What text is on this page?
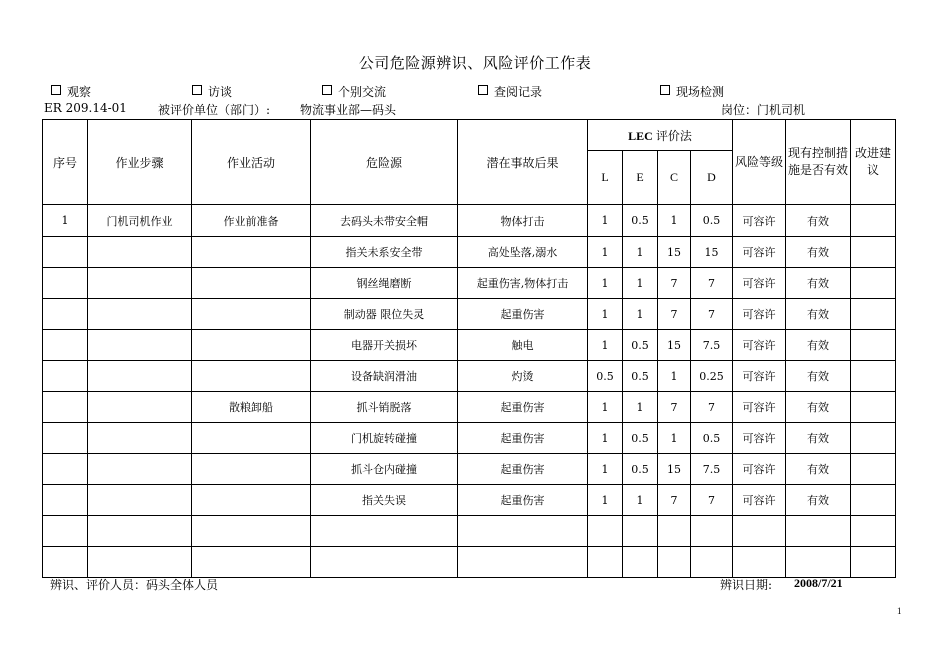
公司危险源辨识、风险评价工作表
观察	访谈	个别交流	查阅记录	现场检测
ER 209.14-01	被评价单位（部门）: 物流事业部—码头	岗位：门机司机
序号	作业步骤	作业活动	危险源	潜在事故后果	LEC 评价法				风险等级	现有控制措施是否有效	改进建议
					L	E	C	D			
1	门机司机作业	作业前准备	去码头未带安全帽	物体打击	1	0.5	1	0.5	可容许	有效	
			指关未系安全带	高处坠落,溺水	1	1	15	15	可容许	有效	
			钢丝绳磨断	起重伤害,物体打击	1	1	7	7	可容许	有效	
			制动器 限位失灵	起重伤害	1	1	7	7	可容许	有效	
			电器开关损坏	触电	1	0.5	15	7.5	可容许	有效	
			设备缺润滑油	灼烫	0.5	0.5	1	0.25	可容许	有效	
		散粮卸船	抓斗销脱落	起重伤害	1	1	7	7	可容许	有效	
			门机旋转碰撞	起重伤害	1	0.5	1	0.5	可容许	有效	
			抓斗仓内碰撞	起重伤害	1	0.5	15	7.5	可容许	有效	
			指关失误	起重伤害	1	1	7	7	可容许	有效	

辨识、评价人员：码头全体人员	辨识日期: 2008/7/21
1
